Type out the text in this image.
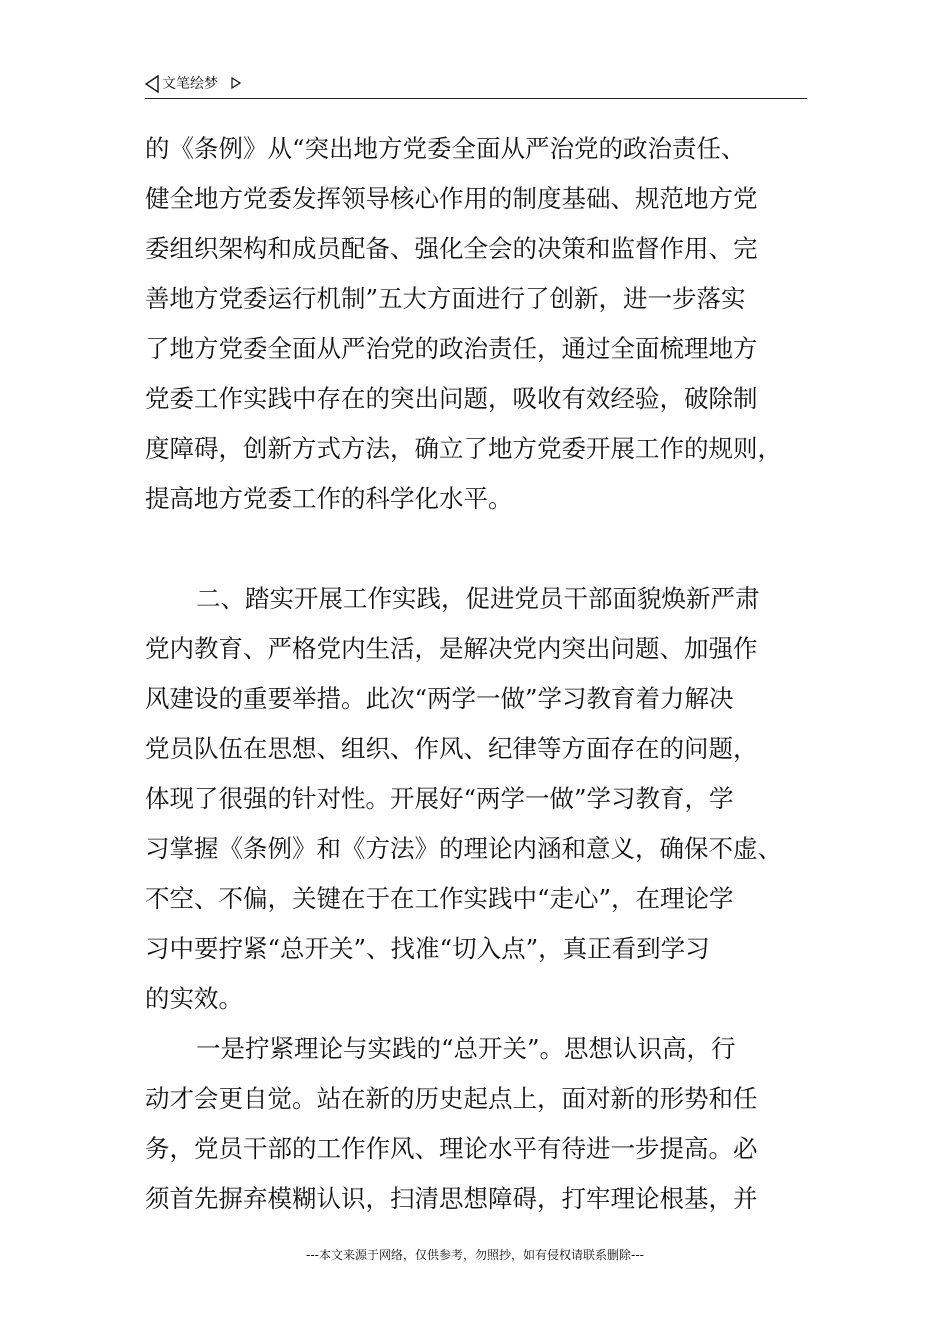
文笔绘梦
的《条例》从“突出地方党委全面从严治党的政治责任、
健全地方党委发挥领导核心作用的制度基础、规范地方党
委组织架构和成员配备、强化全会的决策和监督作用、完
善地方党委运行机制”五大方面进行了创新，进一步落实
了地方党委全面从严治党的政治责任，通过全面梳理地方
党委工作实践中存在的突出问题，吸收有效经验，破除制
度障碍，创新方式方法，确立了地方党委开展工作的规则，
提高地方党委工作的科学化水平。
二、踏实开展工作实践，促进党员干部面貌焕新严肃
党内教育、严格党内生活，是解决党内突出问题、加强作
风建设的重要举措。此次“两学一做”学习教育着力解决
党员队伍在思想、组织、作风、纪律等方面存在的问题，
体现了很强的针对性。开展好“两学一做”学习教育，学
习掌握《条例》和《方法》的理论内涵和意义，确保不虚、
不空、不偏，关键在于在工作实践中“走心”，在理论学
习中要拧紧“总开关”、找准“切入点”，真正看到学习
的实效。
一是拧紧理论与实践的“总开关”。思想认识高，行
动才会更自觉。站在新的历史起点上，面对新的形势和任
务，党员干部的工作作风、理论水平有待进一步提高。必
须首先摒弃模糊认识，扫清思想障碍，打牢理论根基，并
---本文来源于网络，仅供参考，勿照抄，如有侵权请联系删除---
